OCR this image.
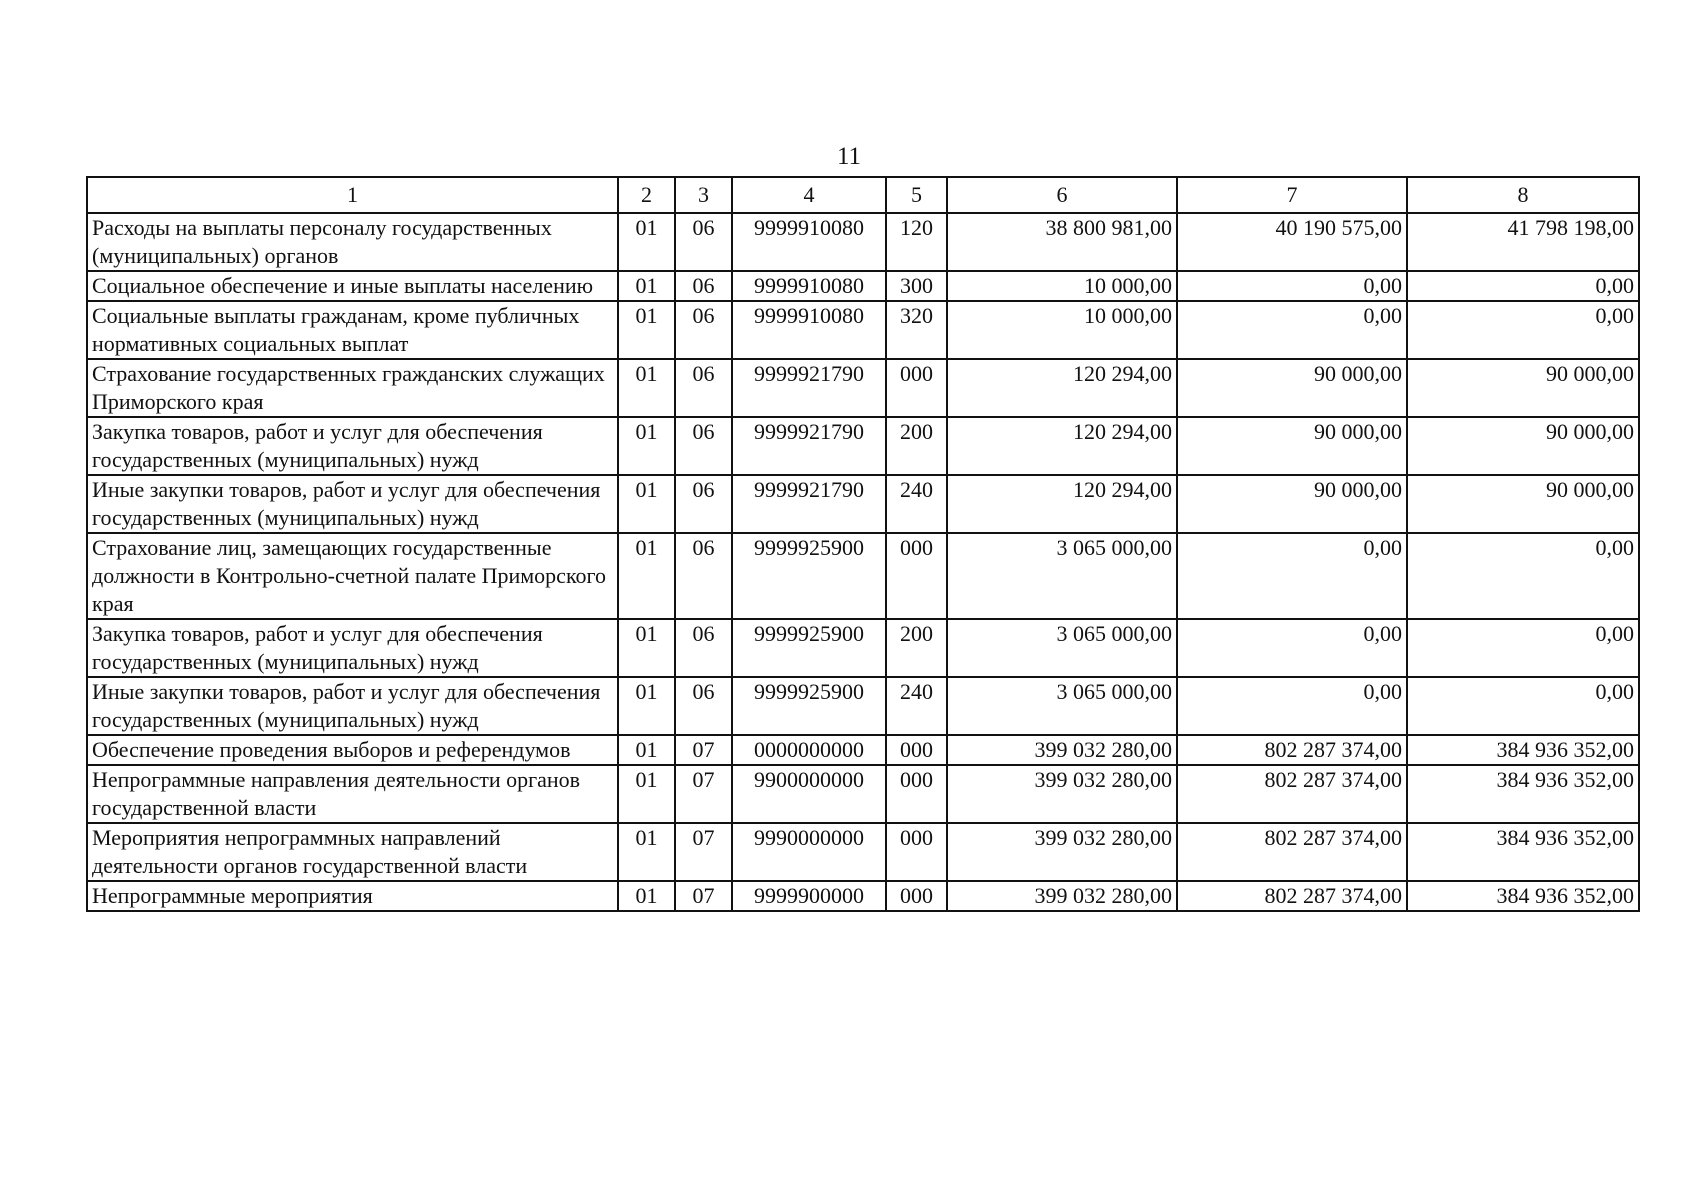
11
1	2	3	4	5	6	7	8
Расходы на выплаты персоналу государственных (муниципальных) органов	01	06	9999910080	120	38 800 981,00	40 190 575,00	41 798 198,00
Социальное обеспечение и иные выплаты населению	01	06	9999910080	300	10 000,00	0,00	0,00
Социальные выплаты гражданам, кроме публичных нормативных социальных выплат	01	06	9999910080	320	10 000,00	0,00	0,00
Страхование государственных гражданских служащих Приморского края	01	06	9999921790	000	120 294,00	90 000,00	90 000,00
Закупка товаров, работ и услуг для обеспечения государственных (муниципальных) нужд	01	06	9999921790	200	120 294,00	90 000,00	90 000,00
Иные закупки товаров, работ и услуг для обеспечения государственных (муниципальных) нужд	01	06	9999921790	240	120 294,00	90 000,00	90 000,00
Страхование лиц, замещающих государственные должности в Контрольно-счетной палате Приморского края	01	06	9999925900	000	3 065 000,00	0,00	0,00
Закупка товаров, работ и услуг для обеспечения государственных (муниципальных) нужд	01	06	9999925900	200	3 065 000,00	0,00	0,00
Иные закупки товаров, работ и услуг для обеспечения государственных (муниципальных) нужд	01	06	9999925900	240	3 065 000,00	0,00	0,00
Обеспечение проведения выборов и референдумов	01	07	0000000000	000	399 032 280,00	802 287 374,00	384 936 352,00
Непрограммные направления деятельности органов государственной власти	01	07	9900000000	000	399 032 280,00	802 287 374,00	384 936 352,00
Мероприятия непрограммных направлений деятельности органов государственной власти	01	07	9990000000	000	399 032 280,00	802 287 374,00	384 936 352,00
Непрограммные мероприятия	01	07	9999900000	000	399 032 280,00	802 287 374,00	384 936 352,00
